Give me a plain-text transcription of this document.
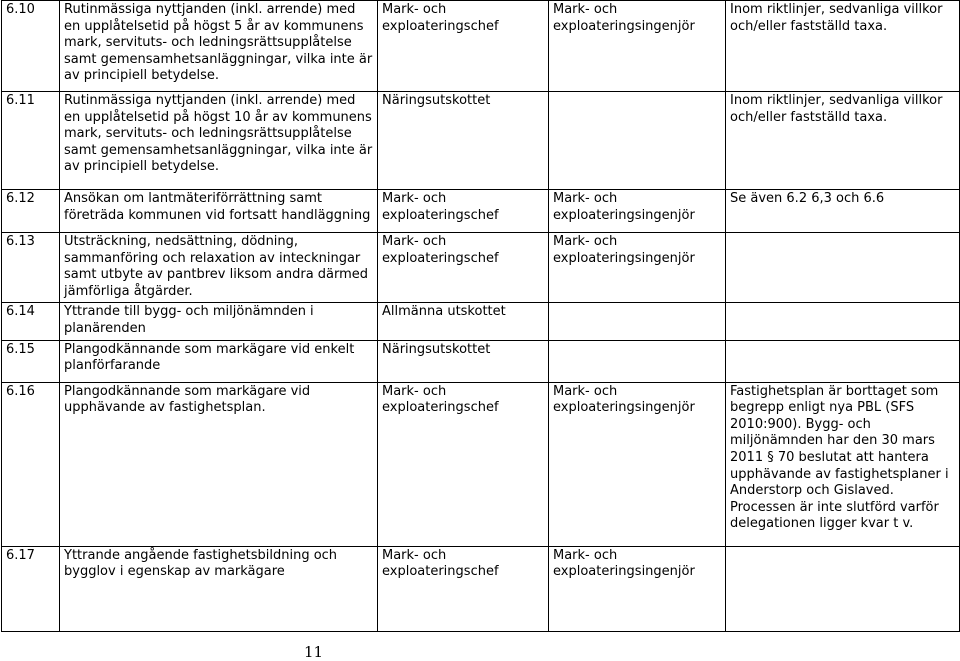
6.10	Rutinmässiga nyttjanden (inkl. arrende) med en upplåtelsetid på högst 5 år av kommunens mark, servituts- och ledningsrättsupplåtelse samt gemensamhetsanläggningar, vilka inte är av principiell betydelse.	Mark- och exploateringschef	Mark- och exploateringsingenjör	Inom riktlinjer, sedvanliga villkor och/eller fastställd taxa.
6.11	Rutinmässiga nyttjanden (inkl. arrende) med en upplåtelsetid på högst 10 år av kommunens mark, servituts- och ledningsrättsupplåtelse samt gemensamhetsanläggningar, vilka inte är av principiell betydelse.	Näringsutskottet		Inom riktlinjer, sedvanliga villkor och/eller fastställd taxa.
6.12	Ansökan om lantmäteriförrättning samt företräda kommunen vid fortsatt handläggning	Mark- och exploateringschef	Mark- och exploateringsingenjör	Se även 6.2 6,3 och 6.6
6.13	Utsträckning, nedsättning, dödning, sammanföring och relaxation av inteckningar samt utbyte av pantbrev liksom andra därmed jämförliga åtgärder.	Mark- och exploateringschef	Mark- och exploateringsingenjör	
6.14	Yttrande till bygg- och miljönämnden i planärenden	Allmänna utskottet		
6.15	Plangodkännande som markägare vid enkelt planförfarande	Näringsutskottet		
6.16	Plangodkännande som markägare vid upphävande av fastighetsplan.	Mark- och exploateringschef	Mark- och exploateringsingenjör	Fastighetsplan är borttaget som begrepp enligt nya PBL (SFS 2010:900). Bygg- och miljönämnden har den 30 mars 2011 § 70 beslutat att hantera upphävande av fastighetsplaner i Anderstorp och Gislaved. Processen är inte slutförd varför delegationen ligger kvar t v.
6.17	Yttrande angående fastighetsbildning och bygglov i egenskap av markägare	Mark- och exploateringschef	Mark- och exploateringsingenjör	
11
